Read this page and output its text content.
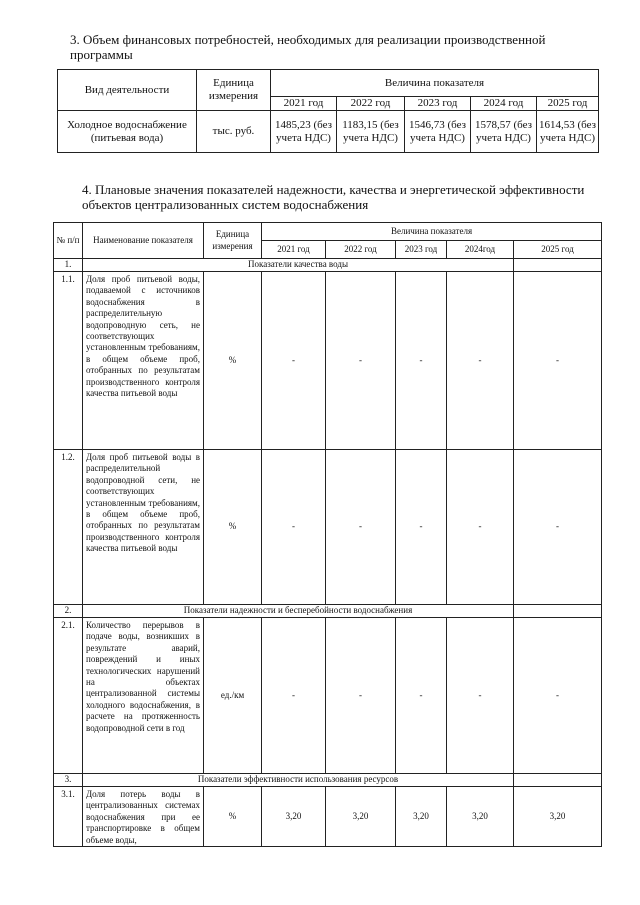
3. Объем финансовых потребностей, необходимых для реализации производственной программы
Вид деятельности	Единица измерения	Величина показателя				
		2021 год	2022 год	2023 год	2024 год	2025 год
Холодное водоснабжение (питьевая вода)	тыс. руб.	1485,23 (без учета НДС)	1183,15 (без учета НДС)	1546,73 (без учета НДС)	1578,57 (без учета НДС)	1614,53 (без учета НДС)
4. Плановые значения показателей надежности, качества и энергетической эффективности объектов централизованных систем водоснабжения
№ п/п	Наименование показателя	Единица измерения	Величина показателя				
			2021 год	2022 год	2023 год	2024год	2025 год
1.	Показатели качества воды						
1.1.	Доля проб питьевой воды, подаваемой с источников водоснабжения в распределительную водопроводную сеть, не соответствующих установленным требованиям, в общем объеме проб, отобранных по результатам производственного контроля качества питьевой воды	%	-	-	-	-	-
1.2.	Доля проб питьевой воды в распределительной водопроводной сети, не соответствующих установленным требованиям, в общем объеме проб, отобранных по результатам производственного контроля качества питьевой воды	%	-	-	-	-	-
2.	Показатели надежности и бесперебойности водоснабжения						
2.1.	Количество перерывов в подаче воды, возникших в результате аварий, повреждений и иных технологических нарушений на объектах централизованной системы холодного водоснабжения, в расчете на протяженность водопроводной сети в год	ед./км	-	-	-	-	-
3.	Показатели эффективности использования ресурсов						
3.1.	Доля потерь воды в централизованных системах водоснабжения при ее транспортировке в общем объеме воды,	%	3,20	3,20	3,20	3,20	3,20
